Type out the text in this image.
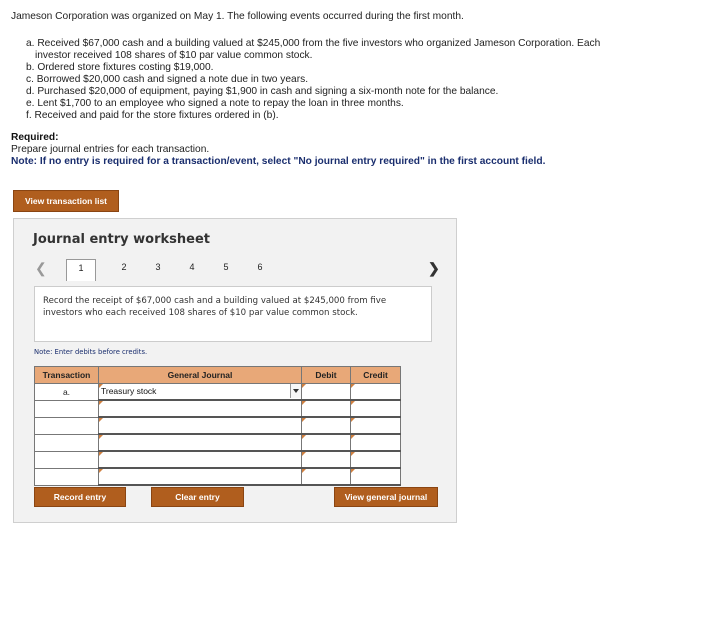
Jameson Corporation was organized on May 1. The following events occurred during the first month.
a. Received $67,000 cash and a building valued at $245,000 from the five investors who organized Jameson Corporation. Each
investor received 108 shares of $10 par value common stock.
b. Ordered store fixtures costing $19,000.
c. Borrowed $20,000 cash and signed a note due in two years.
d. Purchased $20,000 of equipment, paying $1,900 in cash and signing a six-month note for the balance.
e. Lent $1,700 to an employee who signed a note to repay the loan in three months.
f. Received and paid for the store fixtures ordered in (b).
Required:
Prepare journal entries for each transaction.
Note: If no entry is required for a transaction/event, select "No journal entry required" in the first account field.
View transaction list
Journal entry worksheet
❮	1	2	3	4	5	6	❯
Record the receipt of $67,000 cash and a building valued at $245,000 from five investors who each received 108 shares of $10 par value common stock.
Note: Enter debits before credits.
Transaction	General Journal	Debit	Credit
a.	Treasury stock		

Record entry	Clear entry	View general journal
